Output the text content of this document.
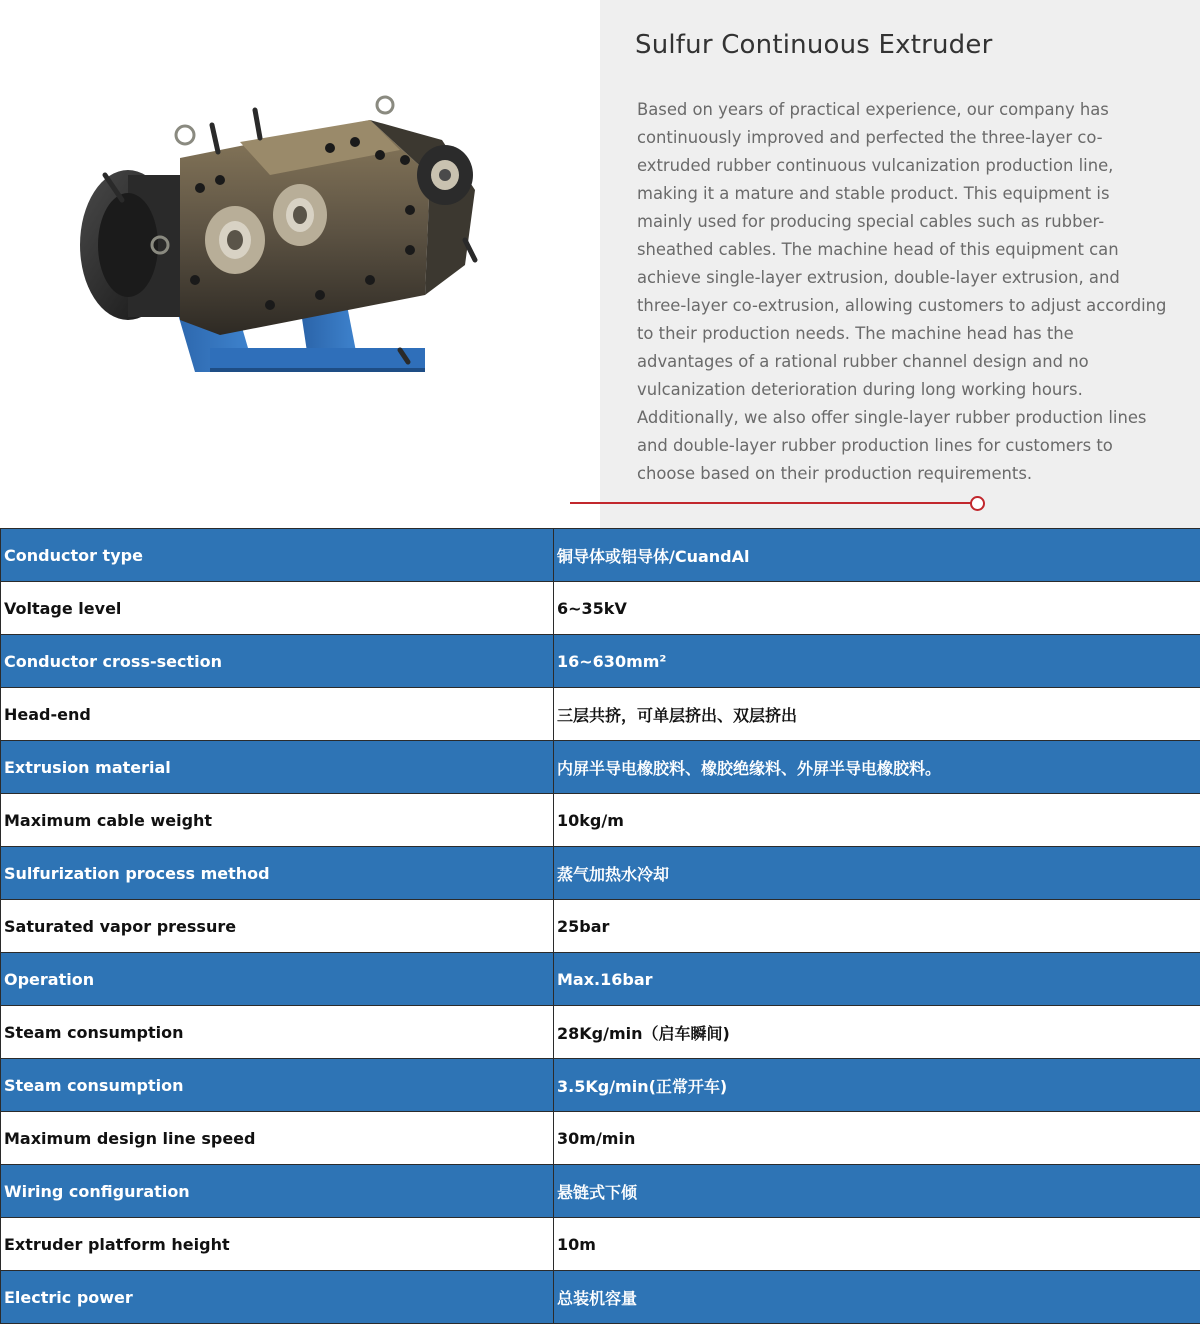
Sulfur Continuous Extruder

Based on years of practical experience, our company has continuously improved and perfected the three-layer co-extruded rubber continuous vulcanization production line, making it a mature and stable product. This equipment is mainly used for producing special cables such as rubber-sheathed cables. The machine head of this equipment can achieve single-layer extrusion, double-layer extrusion, and three-layer co-extrusion, allowing customers to adjust according to their production needs. The machine head has the advantages of a rational rubber channel design and no vulcanization deterioration during long working hours. Additionally, we also offer single-layer rubber production lines and double-layer rubber production lines for customers to choose based on their production requirements.

Conductor type	铜导体或铝导体/CuandAl
Voltage level	6~35kV
Conductor cross-section	16~630mm²
Head-end	三层共挤，可单层挤出、双层挤出
Extrusion material	内屏半导电橡胶料、橡胶绝缘料、外屏半导电橡胶料。
Maximum cable weight	10kg/m
Sulfurization process method	蒸气加热水冷却
Saturated vapor pressure	25bar
Operation	Max.16bar
Steam consumption	28Kg/min（启车瞬间)
Steam consumption	3.5Kg/min(正常开车)
Maximum design line speed	30m/min
Wiring configuration	悬链式下倾
Extruder platform height	10m
Electric power	总装机容量
